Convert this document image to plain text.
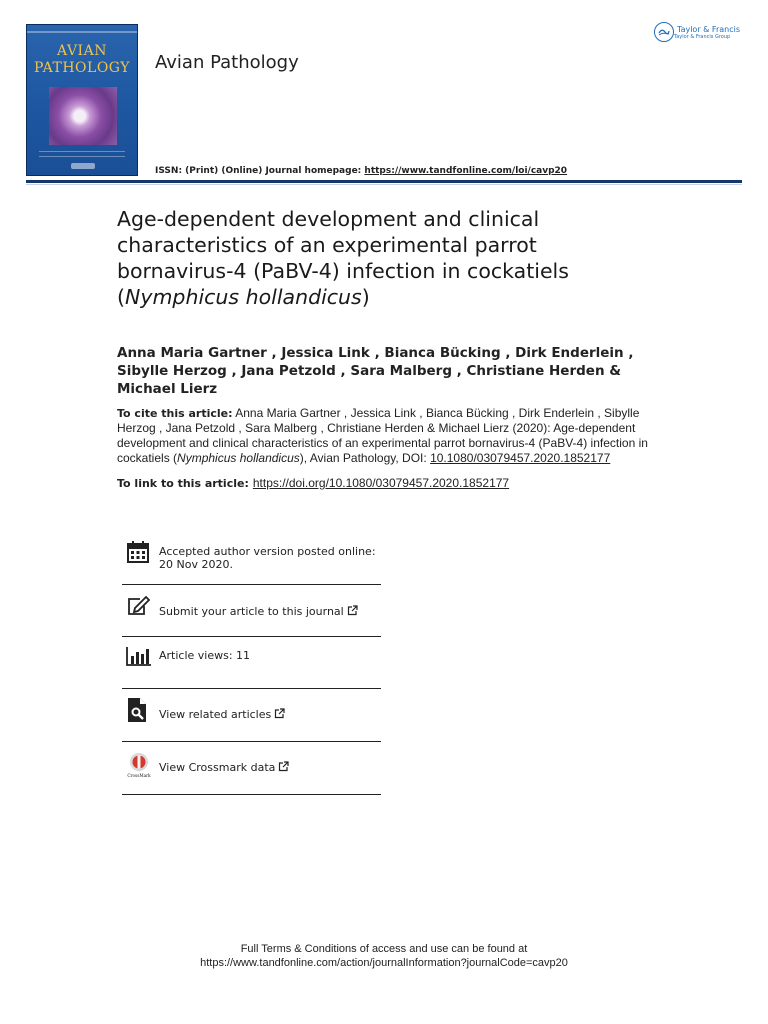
AVIAN
PATHOLOGY	Avian Pathology
ISSN: (Print) (Online) Journal homepage: https://www.tandfonline.com/loi/cavp20
Taylor & Francis
Taylor & Francis Group
Age-dependent development and clinical characteristics of an experimental parrot bornavirus-4 (PaBV-4) infection in cockatiels (Nymphicus hollandicus)
Anna Maria Gartner , Jessica Link , Bianca Bücking , Dirk Enderlein , Sibylle Herzog , Jana Petzold , Sara Malberg , Christiane Herden & Michael Lierz
To cite this article: Anna Maria Gartner , Jessica Link , Bianca Bücking , Dirk Enderlein , Sibylle Herzog , Jana Petzold , Sara Malberg , Christiane Herden & Michael Lierz (2020): Age-dependent development and clinical characteristics of an experimental parrot bornavirus-4 (PaBV-4) infection in cockatiels (Nymphicus hollandicus), Avian Pathology, DOI: 10.1080/03079457.2020.1852177
To link to this article: https://doi.org/10.1080/03079457.2020.1852177
Accepted author version posted online: 20 Nov 2020.
Submit your article to this journal
Article views: 11
View related articles
CrossMark
View Crossmark data
Full Terms & Conditions of access and use can be found at
https://www.tandfonline.com/action/journalInformation?journalCode=cavp20
